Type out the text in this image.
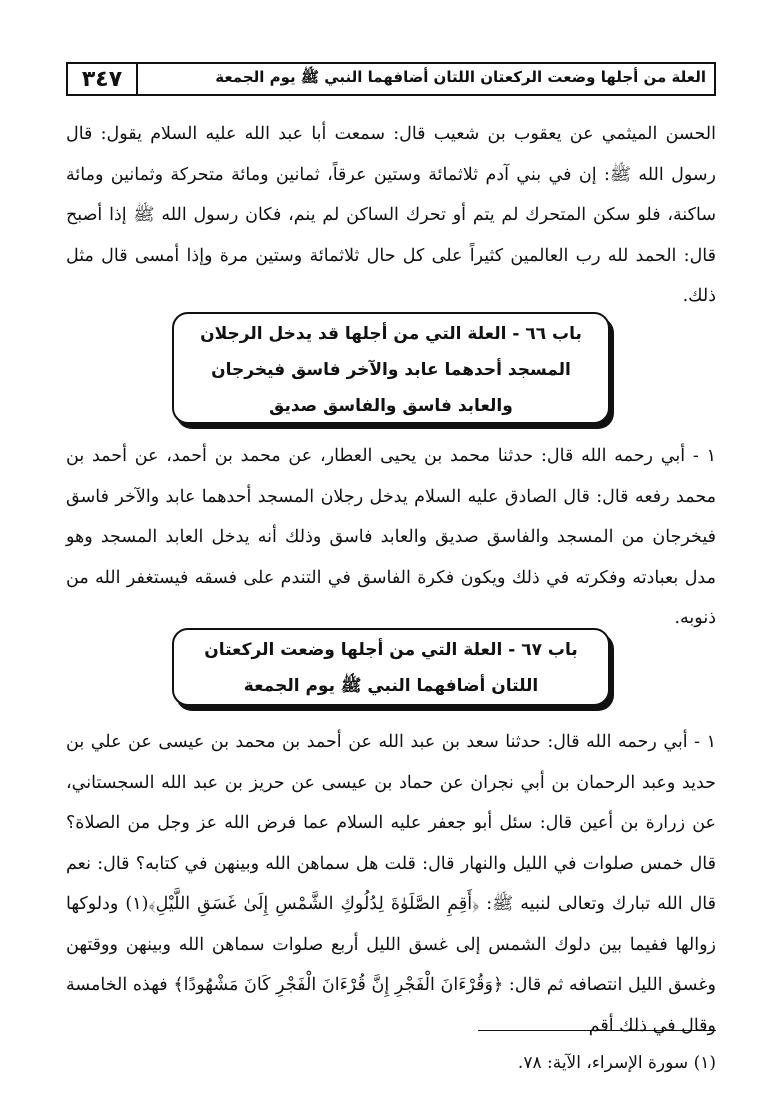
٣٤٧	العلة من أجلها وضعت الركعتان اللتان أضافهما النبي ﷺ يوم الجمعة
الحسن الميثمي عن يعقوب بن شعيب قال: سمعت أبا عبد الله عليه السلام يقول: قال رسول الله ﷺ: إن في بني آدم ثلاثمائة وستين عرقاً، ثمانين ومائة متحركة وثمانين ومائة ساكنة، فلو سكن المتحرك لم يتم أو تحرك الساكن لم ينم، فكان رسول الله ﷺ إذا أصبح قال: الحمد لله رب العالمين كثيراً على كل حال ثلاثمائة وستين مرة وإذا أمسى قال مثل ذلك.
باب ٦٦ - العلة التي من أجلها قد يدخل الرجلان
المسجد أحدهما عابد والآخر فاسق فيخرجان
والعابد فاسق والفاسق صديق
١ - أبي رحمه الله قال: حدثنا محمد بن يحيى العطار، عن محمد بن أحمد، عن أحمد بن محمد رفعه قال: قال الصادق عليه السلام يدخل رجلان المسجد أحدهما عابد والآخر فاسق فيخرجان من المسجد والفاسق صديق والعابد فاسق وذلك أنه يدخل العابد المسجد وهو مدل بعبادته وفكرته في ذلك ويكون فكرة الفاسق في التندم على فسقه فيستغفر الله من ذنوبه.
باب ٦٧ - العلة التي من أجلها وضعت الركعتان
اللتان أضافهما النبي ﷺ يوم الجمعة
١ - أبي رحمه الله قال: حدثنا سعد بن عبد الله عن أحمد بن محمد بن عيسى عن علي بن حديد وعبد الرحمان بن أبي نجران عن حماد بن عيسى عن حريز بن عبد الله السجستاني، عن زرارة بن أعين قال: سئل أبو جعفر عليه السلام عما فرض الله عز وجل من الصلاة؟ قال خمس صلوات في الليل والنهار قال: قلت هل سماهن الله وبينهن في كتابه؟ قال: نعم قال الله تبارك وتعالى لنبيه ﷺ: ﴿أَقِمِ الصَّلَوٰةَ لِدُلُوكِ الشَّمْسِ إِلَىٰ غَسَقِ اللَّيْلِ﴾(١) ودلوكها زوالها ففيما بين دلوك الشمس إلى غسق الليل أربع صلوات سماهن الله وبينهن ووقتهن وغسق الليل انتصافه ثم قال: ﴿وَقُرْءَانَ الْفَجْرِ إِنَّ قُرْءَانَ الْفَجْرِ كَانَ مَشْهُودًا﴾ فهذه الخامسة وقال في ذلك أقم
(١) سورة الإسراء، الآية: ٧٨.
